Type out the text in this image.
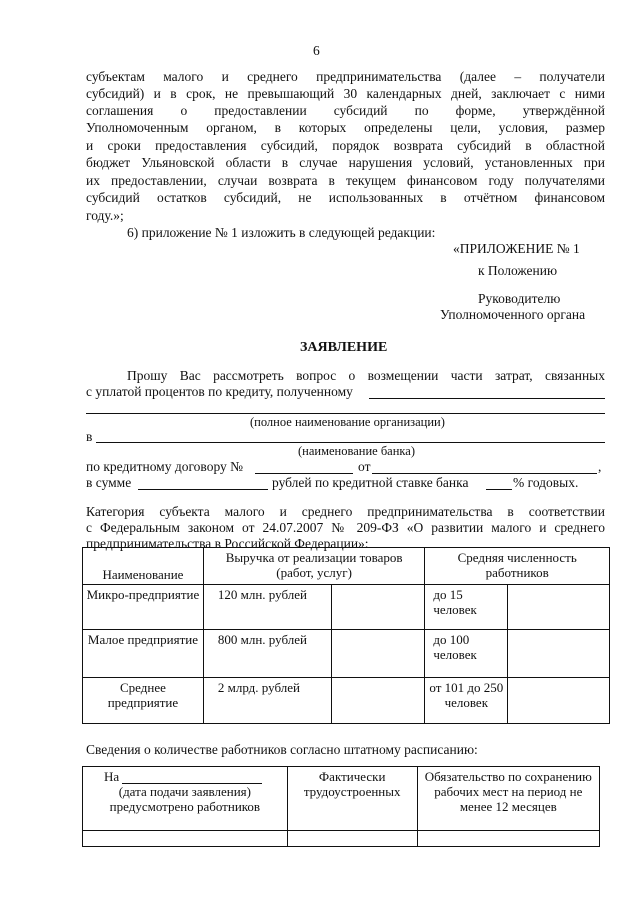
6
субъектам малого и среднего предпринимательства (далее – получатели
субсидий) и в срок, не превышающий 30 календарных дней, заключает с ними
соглашения о предоставлении субсидий по форме, утверждённой
Уполномоченным органом, в которых определены цели, условия, размер
и сроки предоставления субсидий, порядок возврата субсидий в областной
бюджет Ульяновской области в случае нарушения условий, установленных при
их предоставлении, случаи возврата в текущем финансовом году получателями
субсидий остатков субсидий, не использованных в отчётном финансовом
году.»;
6) приложение № 1 изложить в следующей редакции:
«ПРИЛОЖЕНИЕ № 1
к Положению
Руководителю
Уполномоченного органа
ЗАЯВЛЕНИЕ
Прошу Вас рассмотреть вопрос о возмещении части затрат, связанных
с уплатой процентов по кредиту, полученному
(полное наименование организации)
в
(наименование банка)
по кредитному договору №	от	,
в сумме	рублей по кредитной ставке банка	% годовых.
Категория субъекта малого и среднего предпринимательства в соответствии
с Федеральным законом от 24.07.2007 № 209-ФЗ «О развитии малого и среднего
предпринимательства в Российской Федерации»:
Наименование	Выручка от реализации товаров (работ, услуг)		Средняя численность работников	
Микро-предприятие	120 млн. рублей		до 15 человек	
Малое предприятие	800 млн. рублей		до 100 человек	
Среднее предприятие	2 млрд. рублей		от 101 до 250 человек	
Сведения о количестве работников согласно штатному расписанию:
На
(дата подачи заявления)
предусмотрено работников	Фактически трудоустроенных	Обязательство по сохранению рабочих мест на период не менее 12 месяцев
